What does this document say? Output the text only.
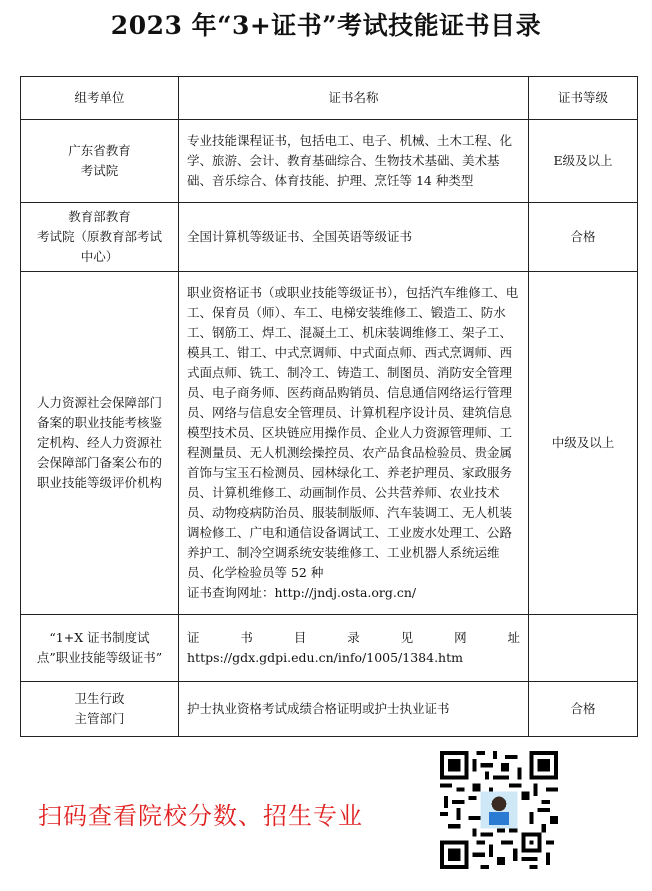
2023 年“3+证书”考试技能证书目录
组考单位	证书名称	证书等级
广东省教育
考试院	专业技能课程证书，包括电工、电子、机械、土木工程、化学、旅游、会计、教育基础综合、生物技术基础、美术基础、音乐综合、体育技能、护理、烹饪等 14 种类型	E级及以上
教育部教育
考试院（原教育部考试中心）	全国计算机等级证书、全国英语等级证书	合格
人力资源社会保障部门备案的职业技能考核鉴定机构、经人力资源社会保障部门备案公布的职业技能等级评价机构	职业资格证书（或职业技能等级证书），包括汽车维修工、电工、保育员（师）、车工、电梯安装维修工、锻造工、防水工、钢筋工、焊工、混凝土工、机床装调维修工、架子工、模具工、钳工、中式烹调师、中式面点师、西式烹调师、西式面点师、铣工、制冷工、铸造工、制图员、消防安全管理员、电子商务师、医药商品购销员、信息通信网络运行管理员、网络与信息安全管理员、计算机程序设计员、建筑信息模型技术员、区块链应用操作员、企业人力资源管理师、工程测量员、无人机测绘操控员、农产品食品检验员、贵金属首饰与宝玉石检测员、园林绿化工、养老护理员、家政服务员、计算机维修工、动画制作员、公共营养师、农业技术员、动物疫病防治员、服装制版师、汽车装调工、无人机装调检修工、广电和通信设备调试工、工业废水处理工、公路养护工、制冷空调系统安装维修工、工业机器人系统运维员、化学检验员等 52 种
证书查询网址：http://jndj.osta.org.cn/	中级及以上
“1+X 证书制度试点”职业技能等级证书”	证书目录见网址
https://gdx.gdpi.edu.cn/info/1005/1384.htm	

卫生行政
主管部门	护士执业资格考试成绩合格证明或护士执业证书	合格
扫码查看院校分数、招生专业
